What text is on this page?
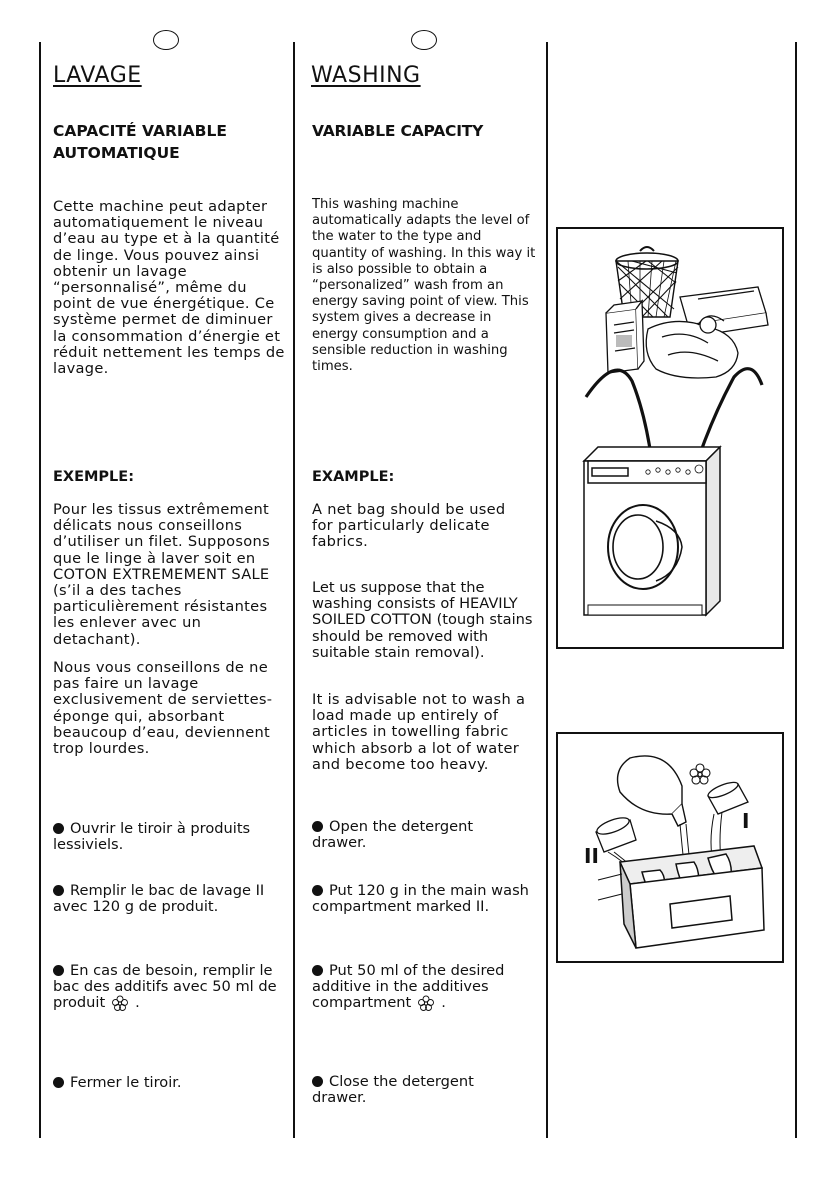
LAVAGE

CAPACITÉ VARIABLE
AUTOMATIQUE

Cette machine peut adapter automatiquement le niveau d’eau au type et à la quantité de linge. Vous pouvez ainsi obtenir un lavage “personnalisé”, même du point de vue énergétique. Ce système permet de diminuer la consommation d’énergie et réduit nettement les temps de lavage.

EXEMPLE:

Pour les tissus extrêmement délicats nous conseillons d’utiliser un filet. Supposons que le linge à laver soit en COTON EXTREMEMENT SALE (s’il a des taches particulièrement résistantes les enlever avec un detachant).

Nous vous conseillons de ne pas faire un lavage exclusivement de serviettes-éponge qui, absorbant beaucoup d’eau, deviennent trop lourdes.

Ouvrir le tiroir à produits lessiviels.

Remplir le bac de lavage II avec 120 g de produit.

En cas de besoin, remplir le bac des additifs avec 50 ml de produit .

Fermer le tiroir.

WASHING

VARIABLE CAPACITY

This washing machine automatically adapts the level of the water to the type and quantity of washing. In this way it is also possible to obtain a “personalized” wash from an energy saving point of view. This system gives a decrease in energy consumption and a sensible reduction in washing times.

EXAMPLE:

A net bag should be used for particularly delicate fabrics.

Let us suppose that the washing consists of HEAVILY SOILED COTTON (tough stains should be removed with suitable stain removal).

It is advisable not to wash a load made up entirely of articles in towelling fabric which absorb a lot of water and become too heavy.

Open the detergent drawer.

Put 120 g in the main wash compartment marked II.

Put 50 ml of the desired additive in the additives compartment .

Close the detergent drawer.

II
I
